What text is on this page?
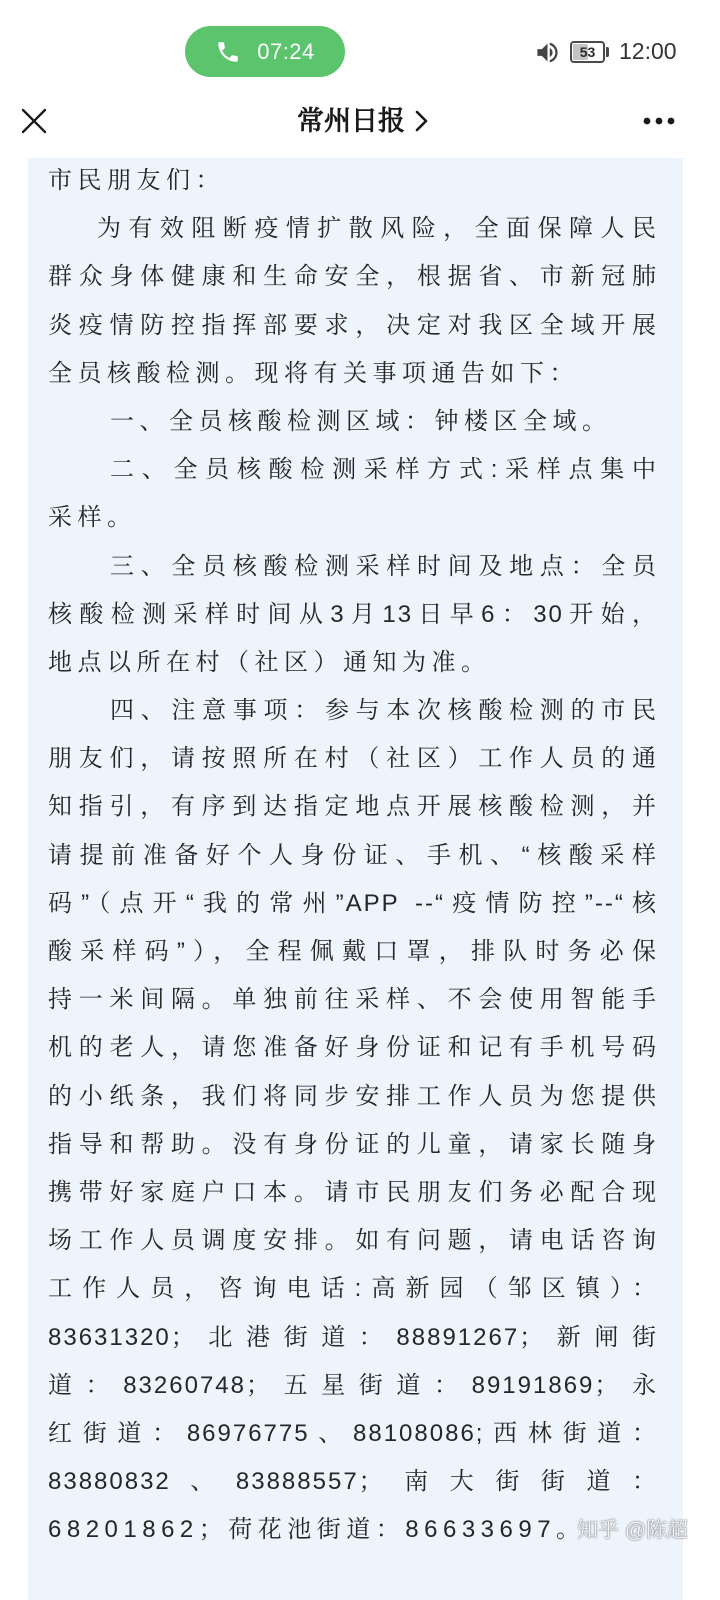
07:24	53	12:00
常州日报
市民朋友们：
为有效阻断疫情扩散风险，全面保障人民
群众身体健康和生命安全，根据省、市新冠肺
炎疫情防控指挥部要求，决定对我区全域开展
全员核酸检测。现将有关事项通告如下：
一、全员核酸检测区域：钟楼区全域。
二、全员核酸检测采样方式:采样点集中
采样。
三、全员核酸检测采样时间及地点：全员
核酸检测采样时间从3月13日早6：30开始，
地点以所在村（社区）通知为准。
四、注意事项：参与本次核酸检测的市民
朋友们，请按照所在村（社区）工作人员的通
知指引，有序到达指定地点开展核酸检测，并
请提前准备好个人身份证、手机、“核酸采样
码”（点开“我的常州”APP --“疫情防控”--“核
酸采样码”），全程佩戴口罩，排队时务必保
持一米间隔。单独前往采样、不会使用智能手
机的老人，请您准备好身份证和记有手机号码
的小纸条，我们将同步安排工作人员为您提供
指导和帮助。没有身份证的儿童，请家长随身
携带好家庭户口本。请市民朋友们务必配合现
场工作人员调度安排。如有问题，请电话咨询
工作人员，咨询电话:高新园（邹区镇）：
83631320；北港街道：88891267；新闸街
道：83260748；五星街道：89191869；永
红街道：86976775、88108086;西林街道：
83880832、83888557；南大街街道：
68201862；荷花池街道：86633697。
知乎 @陈超
